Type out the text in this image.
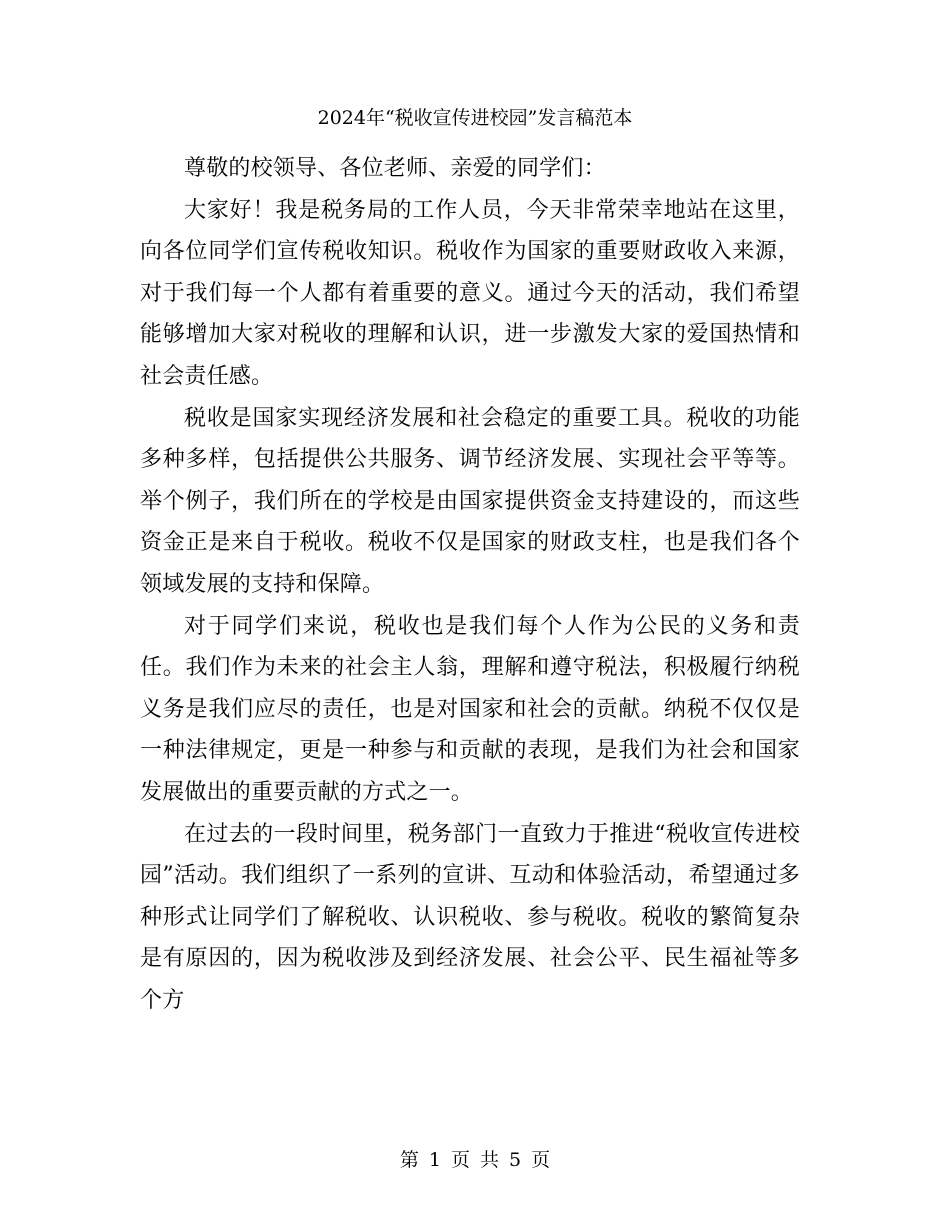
2024年“税收宣传进校园”发言稿范本

尊敬的校领导、各位老师、亲爱的同学们：

大家好！我是税务局的工作人员，今天非常荣幸地站在这里，向各位同学们宣传税收知识。税收作为国家的重要财政收入来源，对于我们每一个人都有着重要的意义。通过今天的活动，我们希望能够增加大家对税收的理解和认识，进一步激发大家的爱国热情和社会责任感。

税收是国家实现经济发展和社会稳定的重要工具。税收的功能多种多样，包括提供公共服务、调节经济发展、实现社会平等等。举个例子，我们所在的学校是由国家提供资金支持建设的，而这些资金正是来自于税收。税收不仅是国家的财政支柱，也是我们各个领域发展的支持和保障。

对于同学们来说，税收也是我们每个人作为公民的义务和责任。我们作为未来的社会主人翁，理解和遵守税法，积极履行纳税义务是我们应尽的责任，也是对国家和社会的贡献。纳税不仅仅是一种法律规定，更是一种参与和贡献的表现，是我们为社会和国家发展做出的重要贡献的方式之一。

在过去的一段时间里，税务部门一直致力于推进“税收宣传进校园”活动。我们组织了一系列的宣讲、互动和体验活动，希望通过多种形式让同学们了解税收、认识税收、参与税收。税收的繁简复杂是有原因的，因为税收涉及到经济发展、社会公平、民生福祉等多个方

第 1 页 共 5 页
